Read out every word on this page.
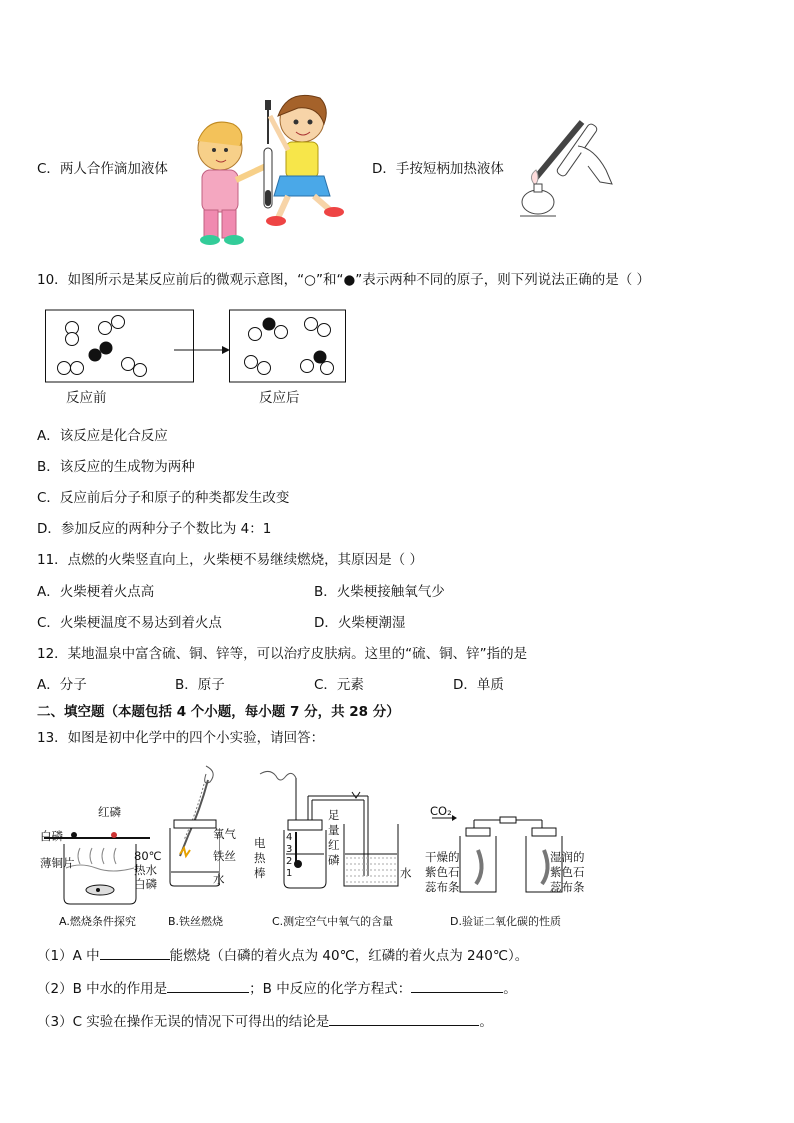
C．两人合作滴加液体	D．手按短柄加热液体
10．如图所示是某反应前后的微观示意图，“○”和“●”表示两种不同的原子，则下列说法正确的是（ ）
反应前	反应后
A．该反应是化合反应
B．该反应的生成物为两种
C．反应前后分子和原子的种类都发生改变
D．参加反应的两种分子个数比为 4：1
11．点燃的火柴竖直向上，火柴梗不易继续燃烧，其原因是（ ）
A．火柴梗着火点高	B．火柴梗接触氧气少
C．火柴梗温度不易达到着火点	D．火柴梗潮湿
12．某地温泉中富含硫、铜、锌等，可以治疗皮肤病。这里的“硫、铜、锌”指的是
A．分子	B．原子	C．元素	D．单质
二、填空题（本题包括 4 个小题，每小题 7 分，共 28 分）
13．如图是初中化学中的四个小实验，请回答：
红磷
白磷
薄铜片	80℃
热水
白磷
A.燃烧条件探究
氧气
铁丝
水
B.铁丝燃烧
电
热
棒
4
3
2
1
足
量
红
磷
水
C.测定空气中氧气的含量
CO₂
干燥的
紫色石
蕊布条
湿润的
紫色石
蕊布条
D.验证二氧化碳的性质
（1）A 中	能燃烧（白磷的着火点为 40℃，红磷的着火点为 240℃）。
（2）B 中水的作用是	；B 中反应的化学方程式：	。
（3）C 实验在操作无误的情况下可得出的结论是	。
